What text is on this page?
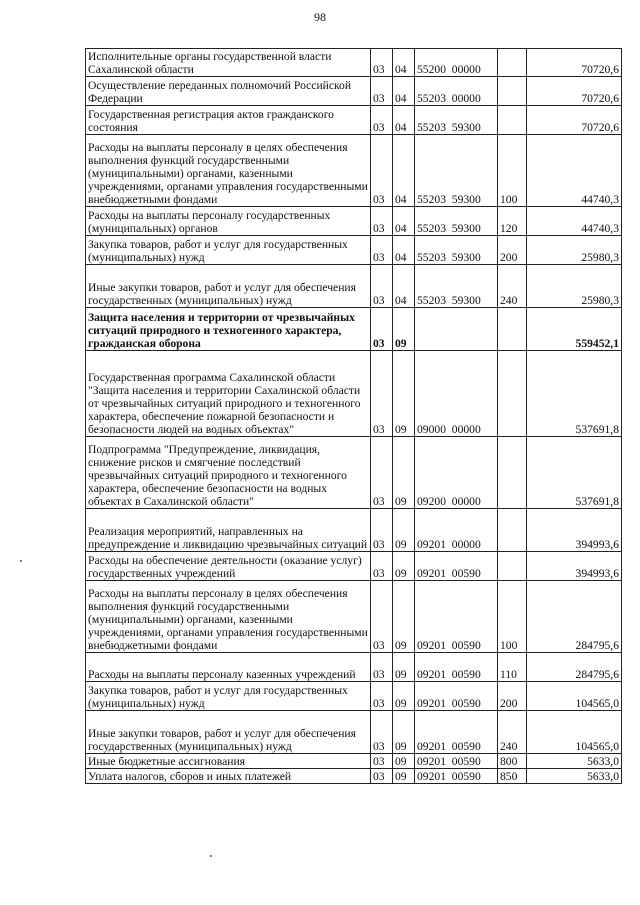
98
Исполнительные органы государственной власти Сахалинской области	03	04	55200  00000		70720,6
Осуществление переданных полномочий Российской Федерации	03	04	55203  00000		70720,6
Государственная регистрация актов гражданского состояния	03	04	55203  59300		70720,6
Расходы на выплаты персоналу в целях обеспечения выполнения функций государственными (муниципальными) органами, казенными учреждениями, органами управления государственными внебюджетными фондами	03	04	55203  59300	100	44740,3
Расходы на выплаты персоналу государственных (муниципальных) органов	03	04	55203  59300	120	44740,3
Закупка товаров, работ и услуг для государственных (муниципальных) нужд	03	04	55203  59300	200	25980,3
Иные закупки товаров, работ и услуг для обеспечения государственных (муниципальных) нужд	03	04	55203  59300	240	25980,3
Защита населения и территории от чрезвычайных ситуаций природного и техногенного характера, гражданская оборона	03	09			559452,1
Государственная программа Сахалинской области "Защита населения и территории Сахалинской области от чрезвычайных ситуаций природного и техногенного характера, обеспечение пожарной безопасности и безопасности людей на водных объектах"	03	09	09000  00000		537691,8
Подпрограмма "Предупреждение, ликвидация, снижение рисков и смягчение последствий чрезвычайных ситуаций природного и техногенного характера, обеспечение безопасности на водных объектах в Сахалинской области"	03	09	09200  00000		537691,8
Реализация мероприятий, направленных на предупреждение и ликвидацию чрезвычайных ситуаций	03	09	09201  00000		394993,6
Расходы на обеспечение деятельности (оказание услуг) государственных учреждений	03	09	09201  00590		394993,6
Расходы на выплаты персоналу в целях обеспечения выполнения функций государственными (муниципальными) органами, казенными учреждениями, органами управления государственными внебюджетными фондами	03	09	09201  00590	100	284795,6
Расходы на выплаты персоналу казенных учреждений	03	09	09201  00590	110	284795,6
Закупка товаров, работ и услуг для государственных (муниципальных) нужд	03	09	09201  00590	200	104565,0
Иные закупки товаров, работ и услуг для обеспечения государственных (муниципальных) нужд	03	09	09201  00590	240	104565,0
Иные бюджетные ассигнования	03	09	09201  00590	800	5633,0
Уплата налогов, сборов и иных платежей	03	09	09201  00590	850	5633,0
